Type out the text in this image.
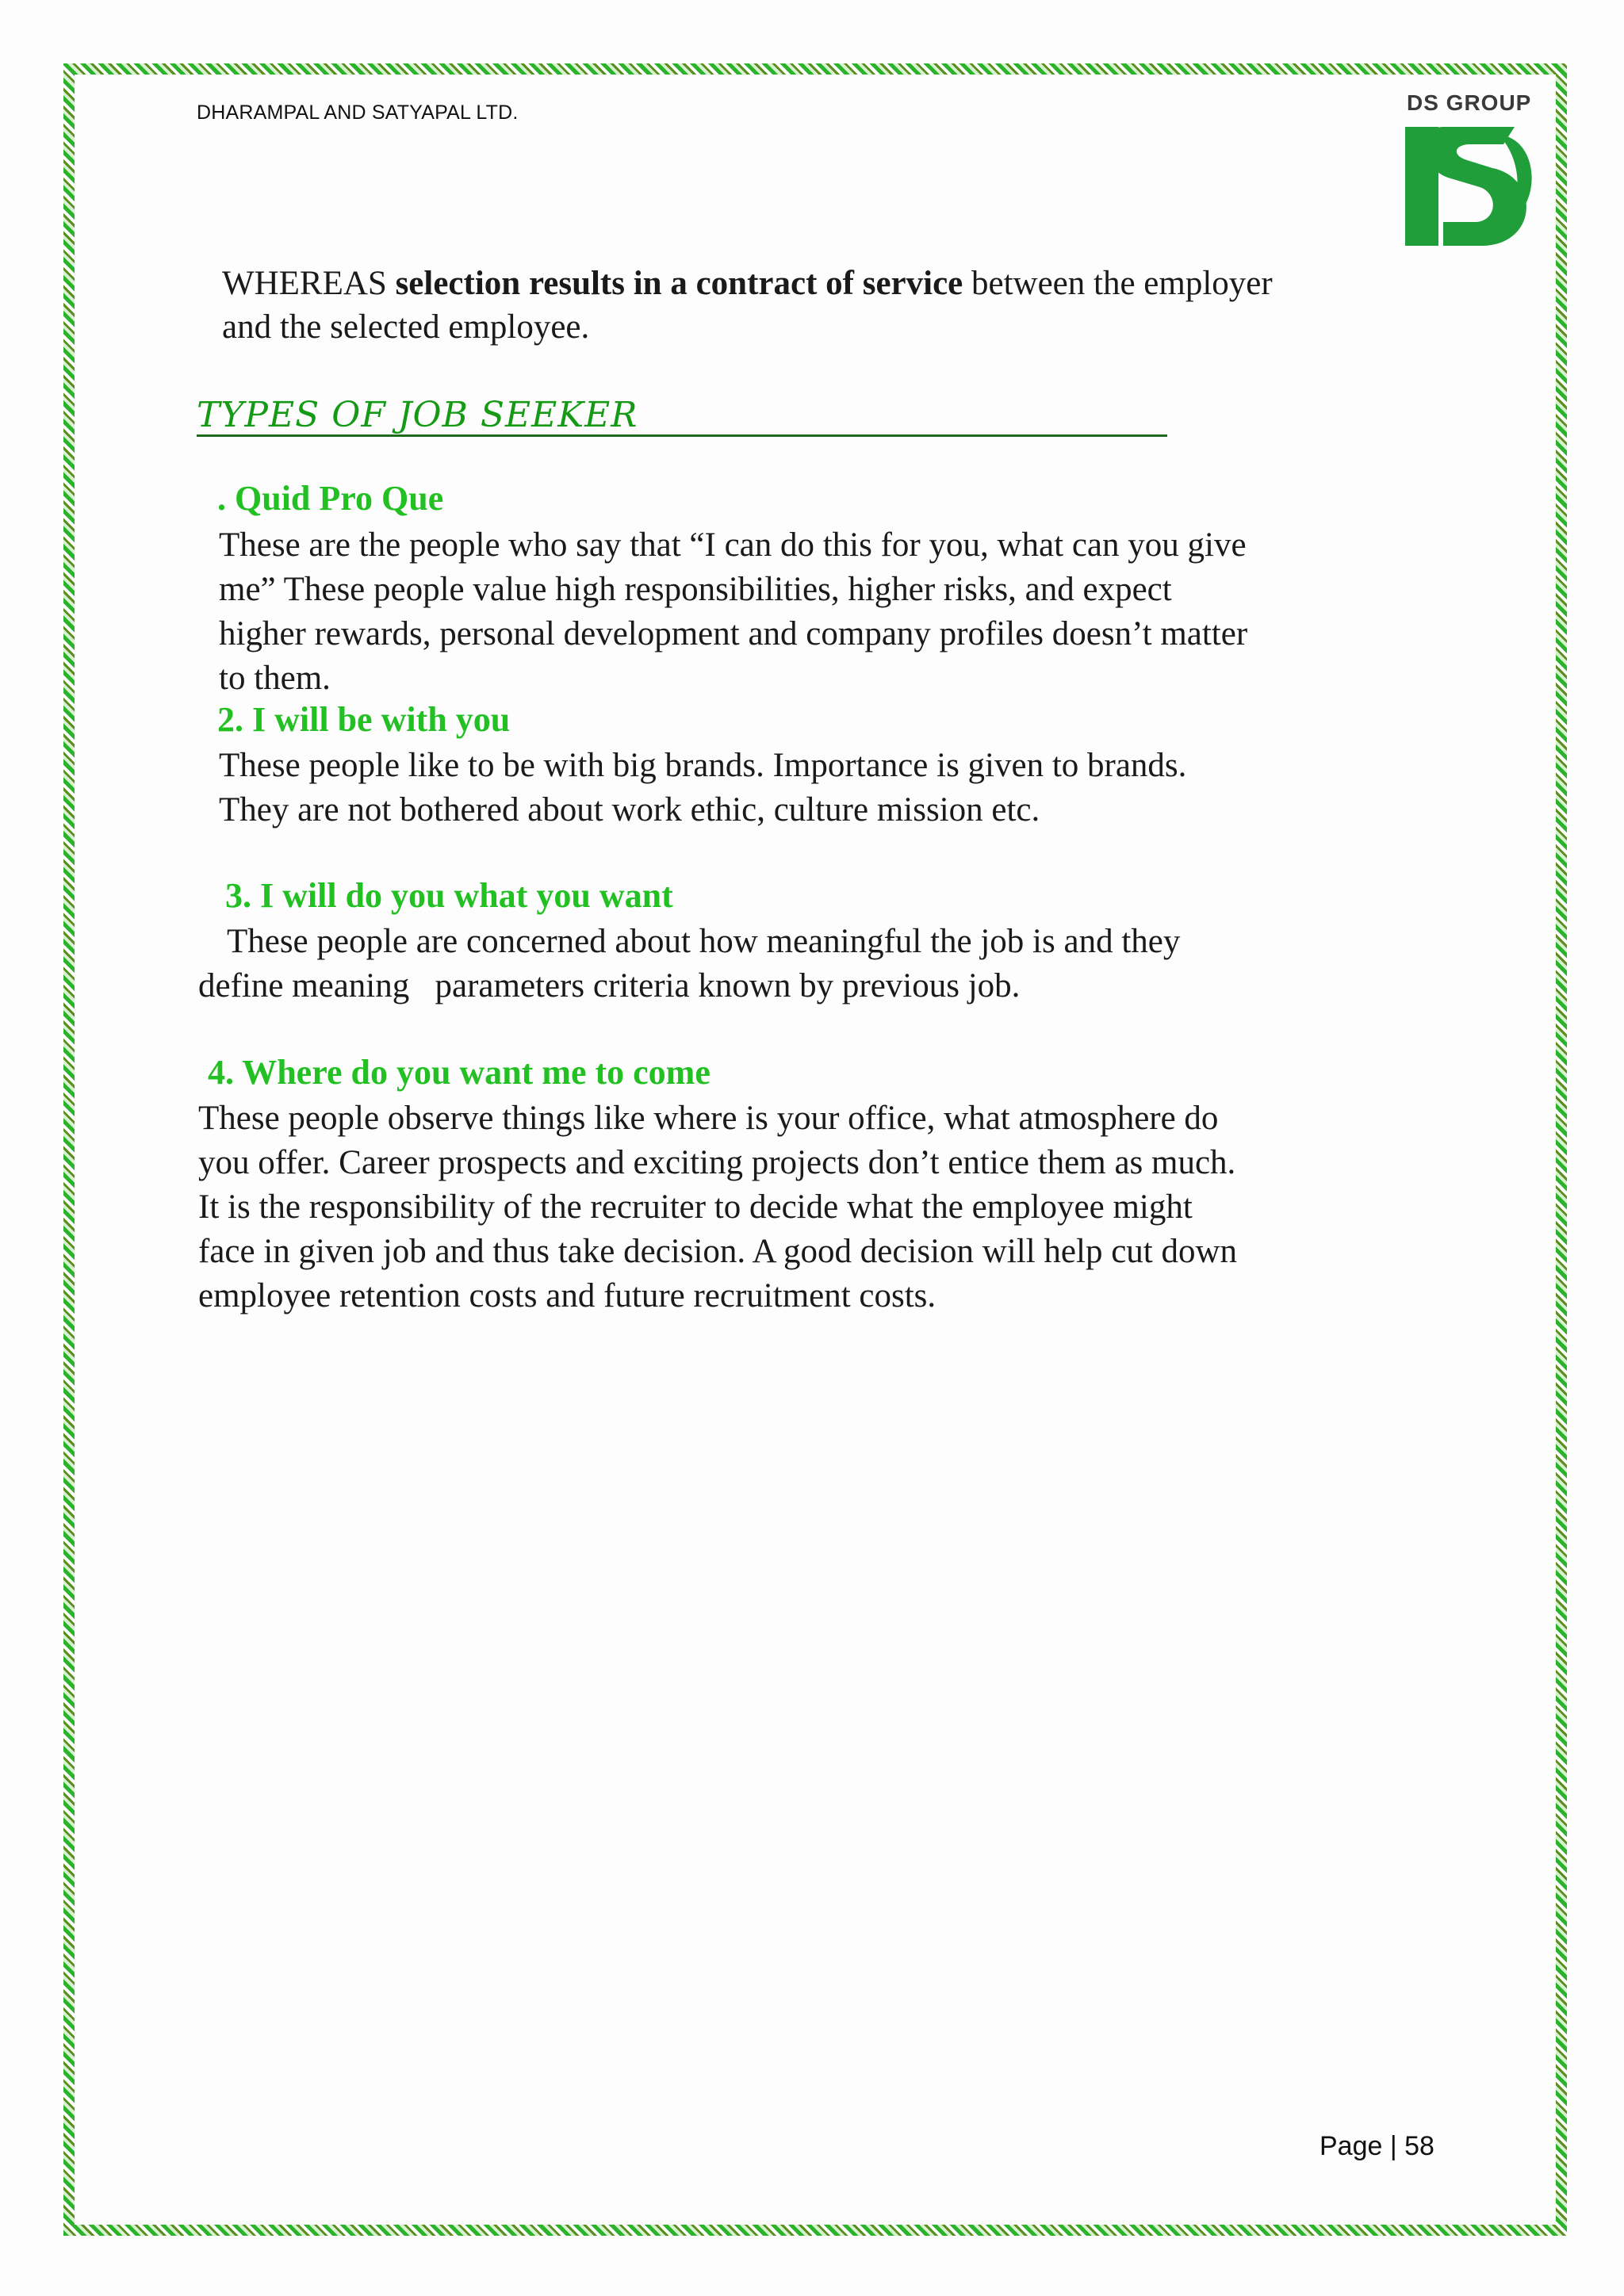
DHARAMPAL AND SATYAPAL LTD.	DS GROUP
WHEREAS selection results in a contract of service between the employer
and the selected employee.
TYPES OF JOB SEEKER
. Quid Pro Que
These are the people who say that “I can do this for you, what can you give
me” These people value high responsibilities, higher risks, and expect
higher rewards, personal development and company profiles doesn’t matter
to them.
2. I will be with you
These people like to be with big brands. Importance is given to brands.
They are not bothered about work ethic, culture mission etc.
3. I will do you what you want
These people are concerned about how meaningful the job is and they
define meaning   parameters criteria known by previous job.
4. Where do you want me to come
These people observe things like where is your office, what atmosphere do
you offer. Career prospects and exciting projects don’t entice them as much.
It is the responsibility of the recruiter to decide what the employee might
face in given job and thus take decision. A good decision will help cut down
employee retention costs and future recruitment costs.
Page | 58
